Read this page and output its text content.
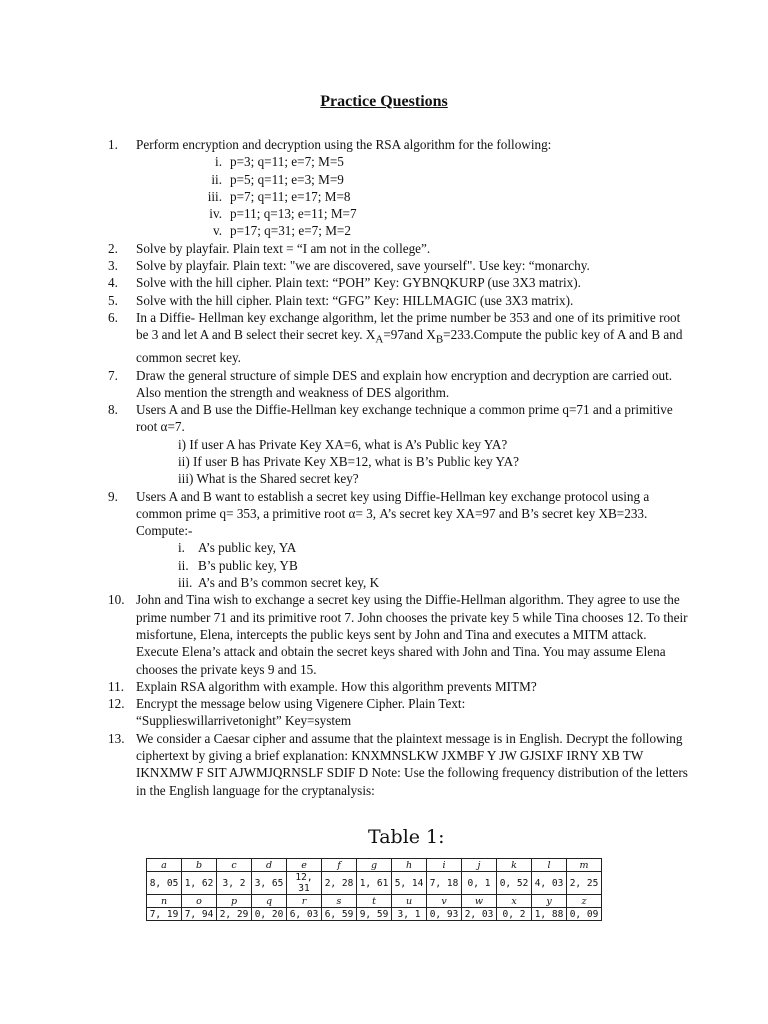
Practice Questions
1.	Perform encryption and decryption using the RSA algorithm for the following:
i. p=3; q=11; e=7; M=5
ii. p=5; q=11; e=3; M=9
iii. p=7; q=11; e=17; M=8
iv. p=11; q=13; e=11; M=7
v. p=17; q=31; e=7; M=2
2.	Solve by playfair. Plain text = “I am not in the college”.
3.	Solve by playfair. Plain text: "we are discovered, save yourself". Use key: “monarchy.
4.	Solve with the hill cipher. Plain text: “POH” Key: GYBNQKURP (use 3X3 matrix).
5.	Solve with the hill cipher. Plain text: “GFG” Key: HILLMAGIC (use 3X3 matrix).
6.	In a Diffie- Hellman key exchange algorithm, let the prime number be 353 and one of its primitive root be 3 and let A and B select their secret key. $X_A=97and$ $X_B=233.Compute$ the public key of A and B and common secret key.
7.	Draw the general structure of simple DES and explain how encryption and decryption are carried out. Also mention the strength and weakness of DES algorithm.
8.	Users A and B use the Diffie-Hellman key exchange technique a common prime q=71 and a primitive root α=7.
i) If user A has Private Key XA=6, what is A’s Public key YA?
ii) If user B has Private Key XB=12, what is B’s Public key YA?
iii) What is the Shared secret key?
9.	Users A and B want to establish a secret key using Diffie-Hellman key exchange protocol using a common prime q= 353, a primitive root α= 3, A’s secret key XA=97 and B’s secret key XB=233. Compute:-
i. A’s public key, YA
ii. B’s public key, YB
iii. A’s and B’s common secret key, K
10. John and Tina wish to exchange a secret key using the Diffie-Hellman algorithm. They agree to use the prime number 71 and its primitive root 7. John chooses the private key 5 while Tina chooses 12. To their misfortune, Elena, intercepts the public keys sent by John and Tina and executes a MITM attack. Execute Elena’s attack and obtain the secret keys shared with John and Tina. You may assume Elena chooses the private keys 9 and 15.
11. Explain RSA algorithm with example. How this algorithm prevents MITM?
12. Encrypt the message below using Vigenere Cipher. Plain Text:
“Supplieswillarrivetonight” Key=system
13. We consider a Caesar cipher and assume that the plaintext message is in English. Decrypt the following ciphertext by giving a brief explanation: KNXMNSLKW JXMBF Y JW GJSIXF IRNY XB TW IKNXMW F SIT AJWMJQRNSLF SDIF D Note: Use the following frequency distribution of the letters in the English language for the cryptanalysis:
Table 1:
a	b	c	d	e	f	g	h	i	j	k	l	m
8, 05	1, 62	3, 2	3, 65	12, 31	2, 28	1, 61	5, 14	7, 18	0, 1	0, 52	4, 03	2, 25
n	o	p	q	r	s	t	u	v	w	x	y	z
7, 19	7, 94	2, 29	0, 20	6, 03	6, 59	9, 59	3, 1	0, 93	2, 03	0, 2	1, 88	0, 09
